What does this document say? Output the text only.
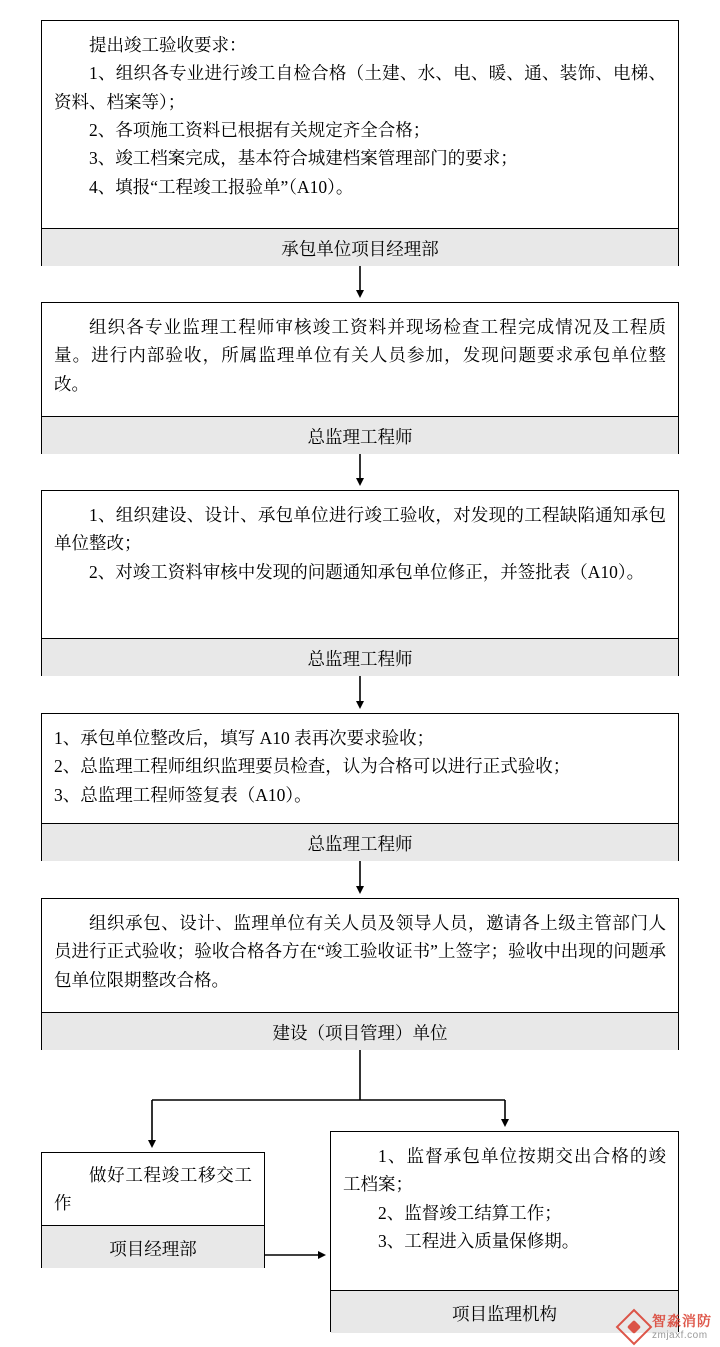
提出竣工验收要求：

1、组织各专业进行竣工自检合格（土建、水、电、暖、通、装饰、电梯、资料、档案等）；

2、各项施工资料已根据有关规定齐全合格；

3、竣工档案完成，基本符合城建档案管理部门的要求；

4、填报“工程竣工报验单”（A10）。

承包单位项目经理部

组织各专业监理工程师审核竣工资料并现场检查工程完成情况及工程质量。进行内部验收，所属监理单位有关人员参加，发现问题要求承包单位整改。

总监理工程师

1、组织建设、设计、承包单位进行竣工验收，对发现的工程缺陷通知承包单位整改；

2、对竣工资料审核中发现的问题通知承包单位修正，并签批表（A10）。

总监理工程师

1、承包单位整改后，填写 A10 表再次要求验收；

2、总监理工程师组织监理要员检查，认为合格可以进行正式验收；

3、总监理工程师签复表（A10）。

总监理工程师

组织承包、设计、监理单位有关人员及领导人员，邀请各上级主管部门人员进行正式验收；验收合格各方在“竣工验收证书”上签字；验收中出现的问题承包单位限期整改合格。

建设（项目管理）单位

做好工程竣工移交工作

项目经理部

1、监督承包单位按期交出合格的竣工档案；

2、监督竣工结算工作；

3、工程进入质量保修期。

项目监理机构	智淼消防
zmjaxf.com
